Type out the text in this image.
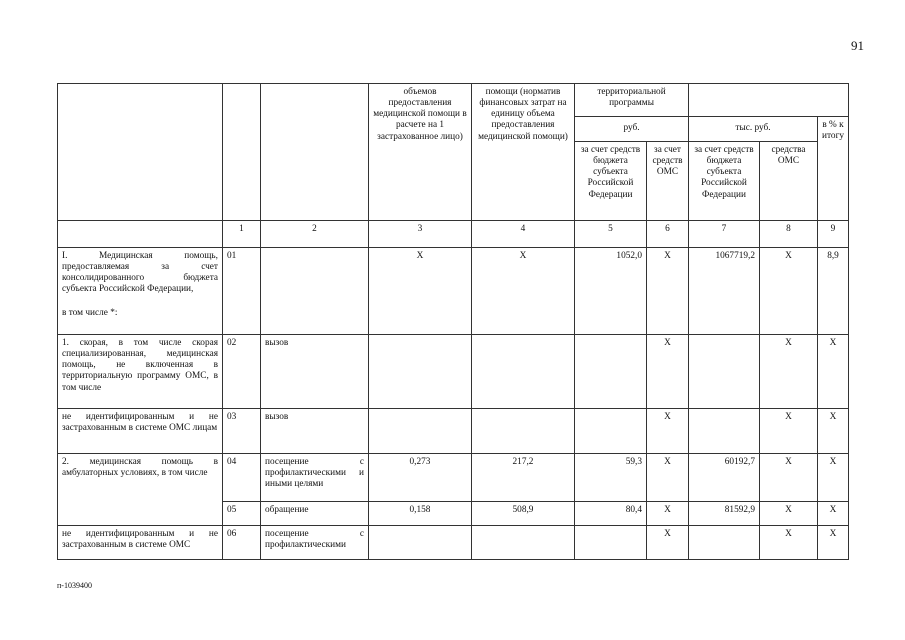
91
			объемов предоставления медицинской помощи в расчете на 1 застрахованное лицо)	помощи (норматив финансовых затрат на единицу объема предоставления медицинской помощи)	территориальной программы				
					руб.		тыс. руб.		в % к итогу
					за счет средств бюджета субъекта Российской Федерации	за счет средств ОМС	за счет средств бюджета субъекта Российской Федерации	средства ОМС	
	1	2	3	4	5	6	7	8	9

I. Медицинская помощь, предоставляемая за счет консолидированного бюджета субъекта Российской Федерации,
в том числе *:	01		Х	Х	1052,0	Х	1067719,2	Х	8,9
1. скорая, в том числе скорая специализированная, медицинская помощь, не включенная в территориальную программу ОМС, в том числе	02	вызов				Х		Х	Х
не идентифицированным и не застрахованным в системе ОМС лицам	03	вызов				Х		Х	Х
2. медицинская помощь в амбулаторных условиях, в том числе	04	посещение с профилактическими и иными целями	0,273	217,2	59,3	Х	60192,7	Х	Х
	05	обращение	0,158	508,9	80,4	Х	81592,9	Х	Х
не идентифицированным и не застрахованным в системе ОМС	06	посещение с профилактическими				Х		Х	Х
п-1039400
